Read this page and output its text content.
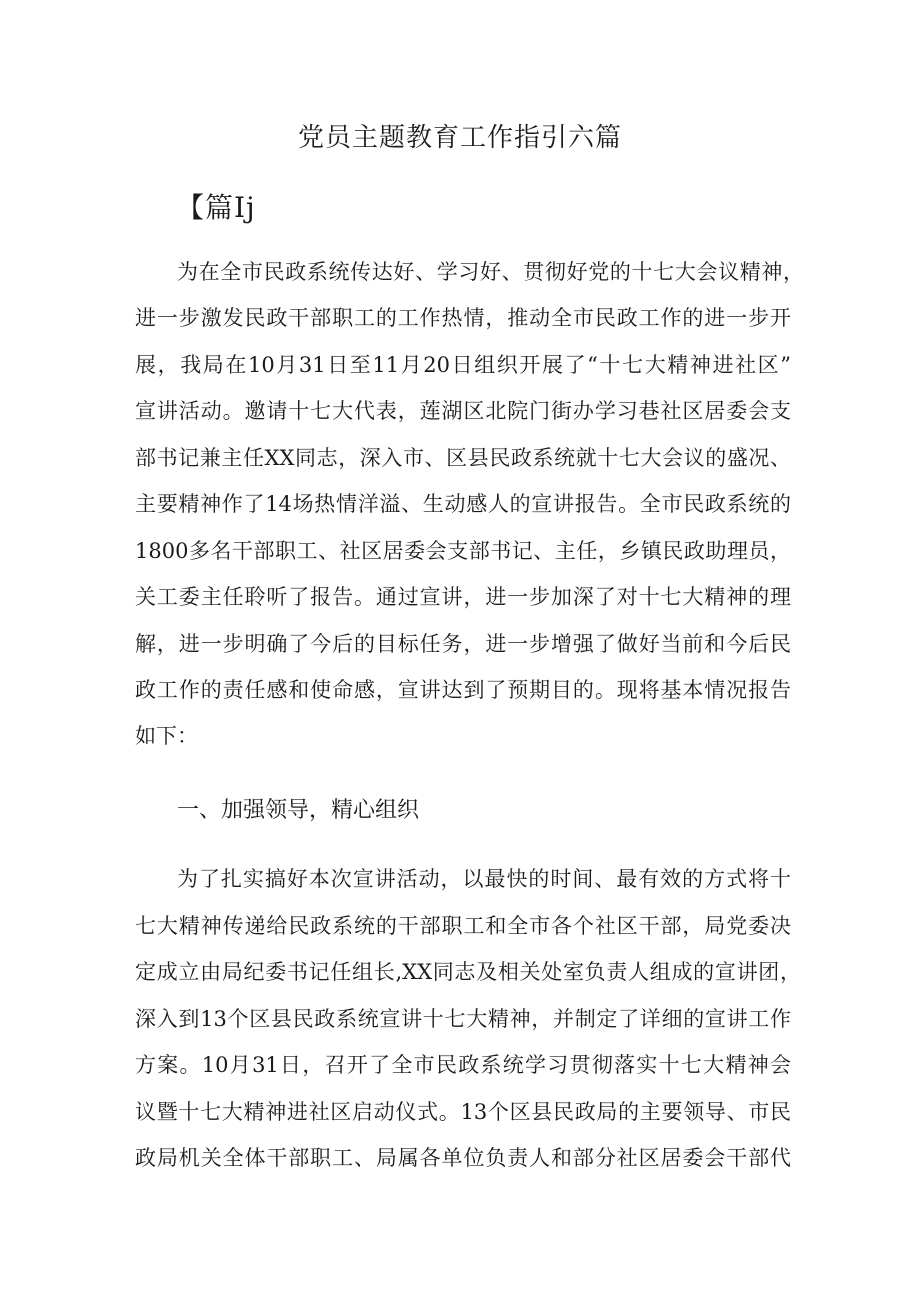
党员主题教育工作指引六篇
【篇Ij
为在全市民政系统传达好、学习好、贯彻好党的十七大会议精神，
进一步激发民政干部职工的工作热情，推动全市民政工作的进一步开
展，我局在10月31日至11月20日组织开展了“十七大精神进社区”
宣讲活动。邀请十七大代表，莲湖区北院门街办学习巷社区居委会支
部书记兼主任XX同志，深入市、区县民政系统就十七大会议的盛况、
主要精神作了14场热情洋溢、生动感人的宣讲报告。全市民政系统的
1800多名干部职工、社区居委会支部书记、主任，乡镇民政助理员，
关工委主任聆听了报告。通过宣讲，进一步加深了对十七大精神的理
解，进一步明确了今后的目标任务，进一步增强了做好当前和今后民
政工作的责任感和使命感，宣讲达到了预期目的。现将基本情况报告
如下：
一、加强领导，精心组织
为了扎实搞好本次宣讲活动，以最快的时间、最有效的方式将十
七大精神传递给民政系统的干部职工和全市各个社区干部，局党委决
定成立由局纪委书记任组长,XX同志及相关处室负责人组成的宣讲团，
深入到13个区县民政系统宣讲十七大精神，并制定了详细的宣讲工作
方案。10月31日，召开了全市民政系统学习贯彻落实十七大精神会
议暨十七大精神进社区启动仪式。13个区县民政局的主要领导、市民
政局机关全体干部职工、局属各单位负责人和部分社区居委会干部代
